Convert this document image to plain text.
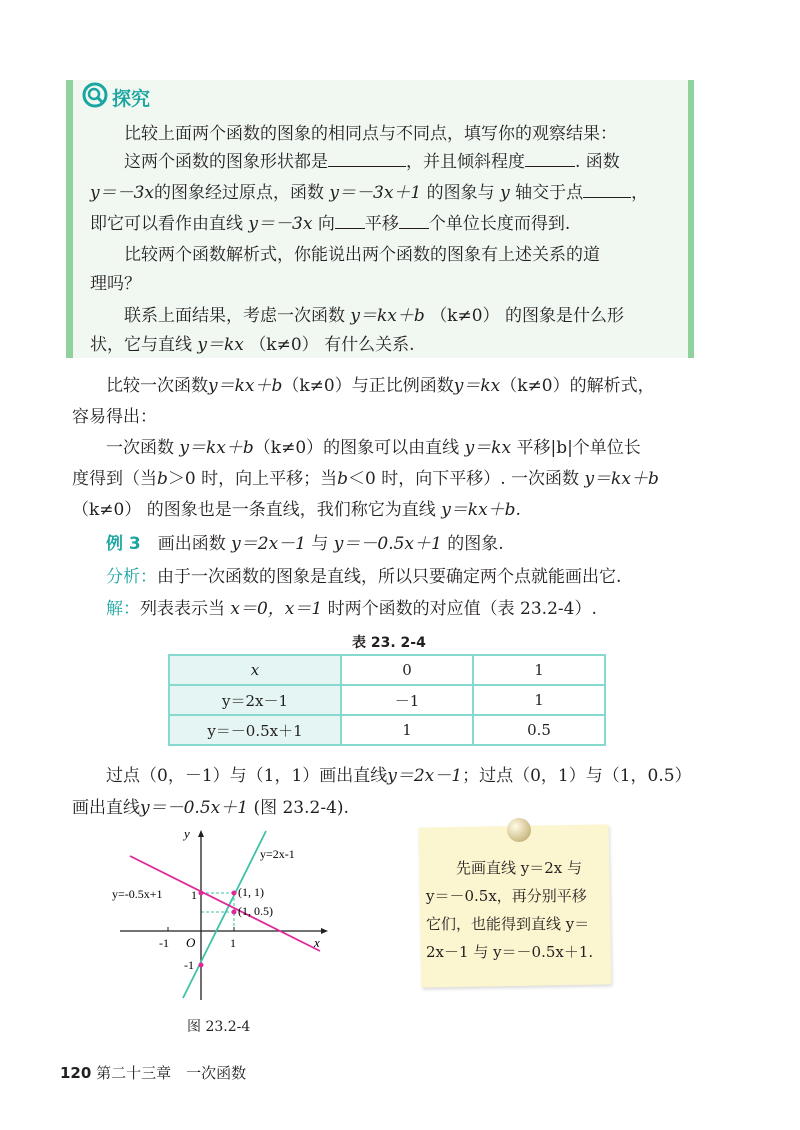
探究
比较上面两个函数的图象的相同点与不同点，填写你的观察结果：
这两个函数的图象形状都是	，并且倾斜程度	. 函数
y＝－3x的图象经过原点，函数 y＝－3x＋1 的图象与 y 轴交于点	，
即它可以看作由直线 y＝－3x 向 平移 个单位长度而得到.
比较两个函数解析式，你能说出两个函数的图象有上述关系的道
理吗？
联系上面结果，考虑一次函数 y＝kx＋b （k≠0） 的图象是什么形
状，它与直线 y＝kx （k≠0） 有什么关系.
比较一次函数y＝kx＋b（k≠0）与正比例函数y＝kx（k≠0）的解析式，
容易得出：
一次函数 y＝kx＋b（k≠0）的图象可以由直线 y＝kx 平移|b|个单位长
度得到（当b＞0 时，向上平移；当b＜0 时，向下平移）. 一次函数 y＝kx＋b
（k≠0） 的图象也是一条直线，我们称它为直线 y＝kx＋b.
例 3　 画出函数 y＝2x－1 与 y＝－0.5x＋1 的图象.
分析：由于一次函数的图象是直线，所以只要确定两个点就能画出它.
解：列表表示当 x＝0，x＝1 时两个函数的对应值（表 23.2-4）.
表 23. 2-4
x	0	1
y＝2x－1	－1	1
y＝－0.5x＋1	1	0.5
过点（0，－1）与（1，1）画出直线y＝2x－1；过点（0，1）与（1，0.5）
画出直线y＝－0.5x＋1 (图 23.2-4).
y
x
O
-1	1
1
-1
y=2x-1
y=-0.5x+1	(1, 1)
(1, 0.5)
图 23.2-4
先画直线 y＝2x 与
y＝－0.5x，再分别平移
它们，也能得到直线 y＝
2x－1 与 y＝－0.5x＋1.
120 第二十三章　一次函数
